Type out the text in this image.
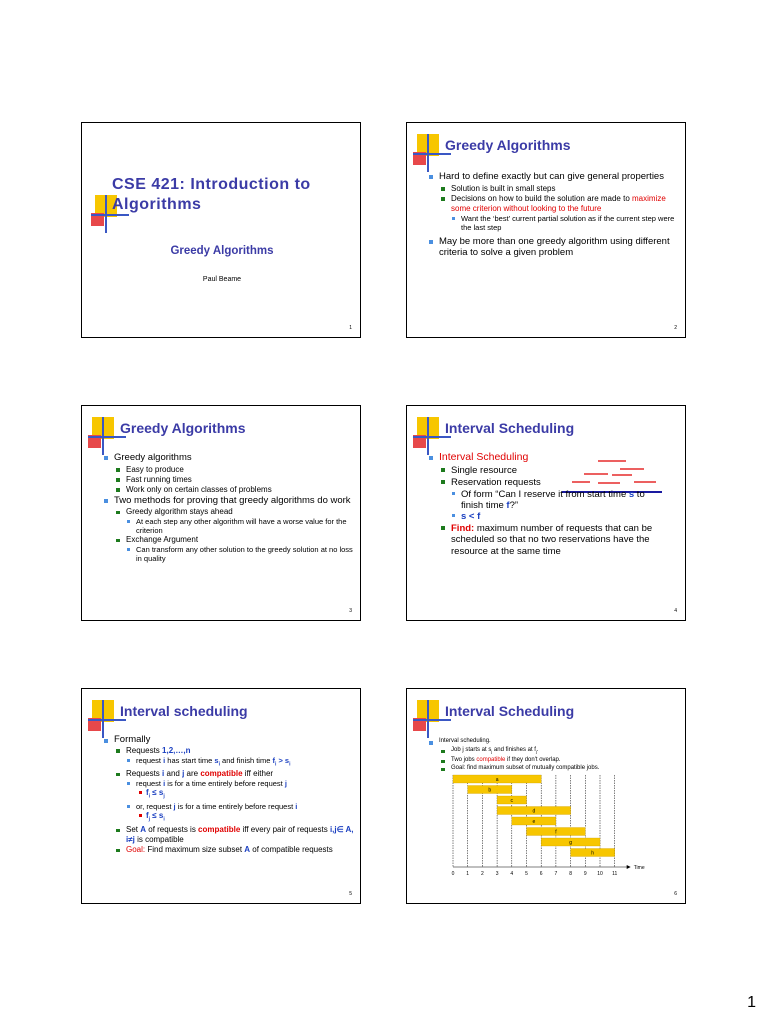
CSE 421: Introduction to Algorithms
Greedy Algorithms
Paul Beame
1
Greedy Algorithms
Hard to define exactly but can give general properties
Solution is built in small steps
Decisions on how to build the solution are made to maximize some criterion without looking to the future
Want the ‘best’ current partial solution as if the current step were the last step
May be more than one greedy algorithm using different criteria to solve a given problem
2
Greedy Algorithms
Greedy algorithms
Easy to produce
Fast running times
Work only on certain classes of problems
Two methods for proving that greedy algorithms do work
Greedy algorithm stays ahead
At each step any other algorithm will have a worse value for the criterion
Exchange Argument
Can transform any other solution to the greedy solution at no loss in quality
3
Interval Scheduling
Interval Scheduling
Single resource
Reservation requests
Of form “Can I reserve it from start time s to finish time f?”
s < f
Find: maximum number of requests that can be scheduled so that no two reservations have the resource at the same time
4
Interval scheduling
Formally
Requests 1,2,…,n
request i has start time $s_i$ and finish time $f_i > s_i$
Requests i and j are compatible iff either
request i is for a time entirely before request j
$f_i \le s_j$
or, request j is for a time entirely before request i
$f_j \le s_i$
Set A of requests is compatible iff every pair of requests i,j∈ A, i≠j is compatible
Goal: Find maximum size subset A of compatible requests
5
Interval Scheduling
Interval scheduling.
Job j starts at $s_j$ and finishes at $f_j$.
Two jobs compatible if they don't overlap.
Goal: find maximum subset of mutually compatible jobs.
a
b
c
d
e
f
g
h
0 1 2 3 4 5 6 7 8 9 10 11
Time
6
1
